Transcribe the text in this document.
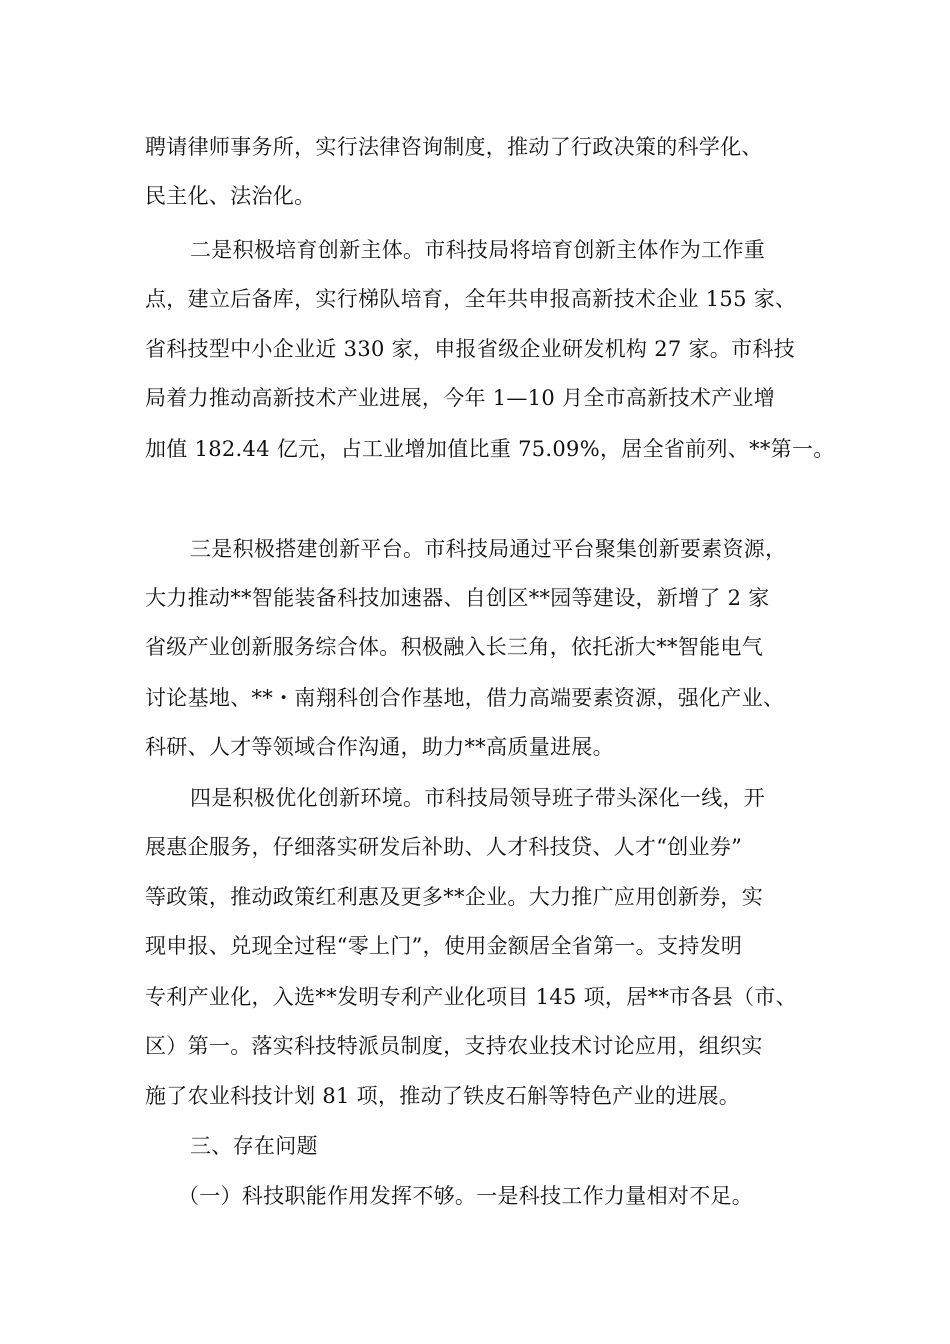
聘请律师事务所，实行法律咨询制度，推动了行政决策的科学化、

民主化、法治化。

二是积极培育创新主体。市科技局将培育创新主体作为工作重

点，建立后备库，实行梯队培育，全年共申报高新技术企业 155 家、

省科技型中小企业近 330 家，申报省级企业研发机构 27 家。市科技

局着力推动高新技术产业进展，今年 1—10 月全市高新技术产业增

加值 182.44 亿元，占工业增加值比重 75.09%，居全省前列、**第一。

三是积极搭建创新平台。市科技局通过平台聚集创新要素资源，

大力推动**智能装备科技加速器、自创区**园等建设，新增了 2 家

省级产业创新服务综合体。积极融入长三角，依托浙大**智能电气

讨论基地、**・南翔科创合作基地，借力高端要素资源，强化产业、

科研、人才等领域合作沟通，助力**高质量进展。

四是积极优化创新环境。市科技局领导班子带头深化一线，开

展惠企服务，仔细落实研发后补助、人才科技贷、人才“创业券”

等政策，推动政策红利惠及更多**企业。大力推广应用创新券，实

现申报、兑现全过程“零上门”，使用金额居全省第一。支持发明

专利产业化，入选**发明专利产业化项目 145 项，居**市各县（市、

区）第一。落实科技特派员制度，支持农业技术讨论应用，组织实

施了农业科技计划 81 项，推动了铁皮石斛等特色产业的进展。

三、存在问题

（一）科技职能作用发挥不够。一是科技工作力量相对不足。
